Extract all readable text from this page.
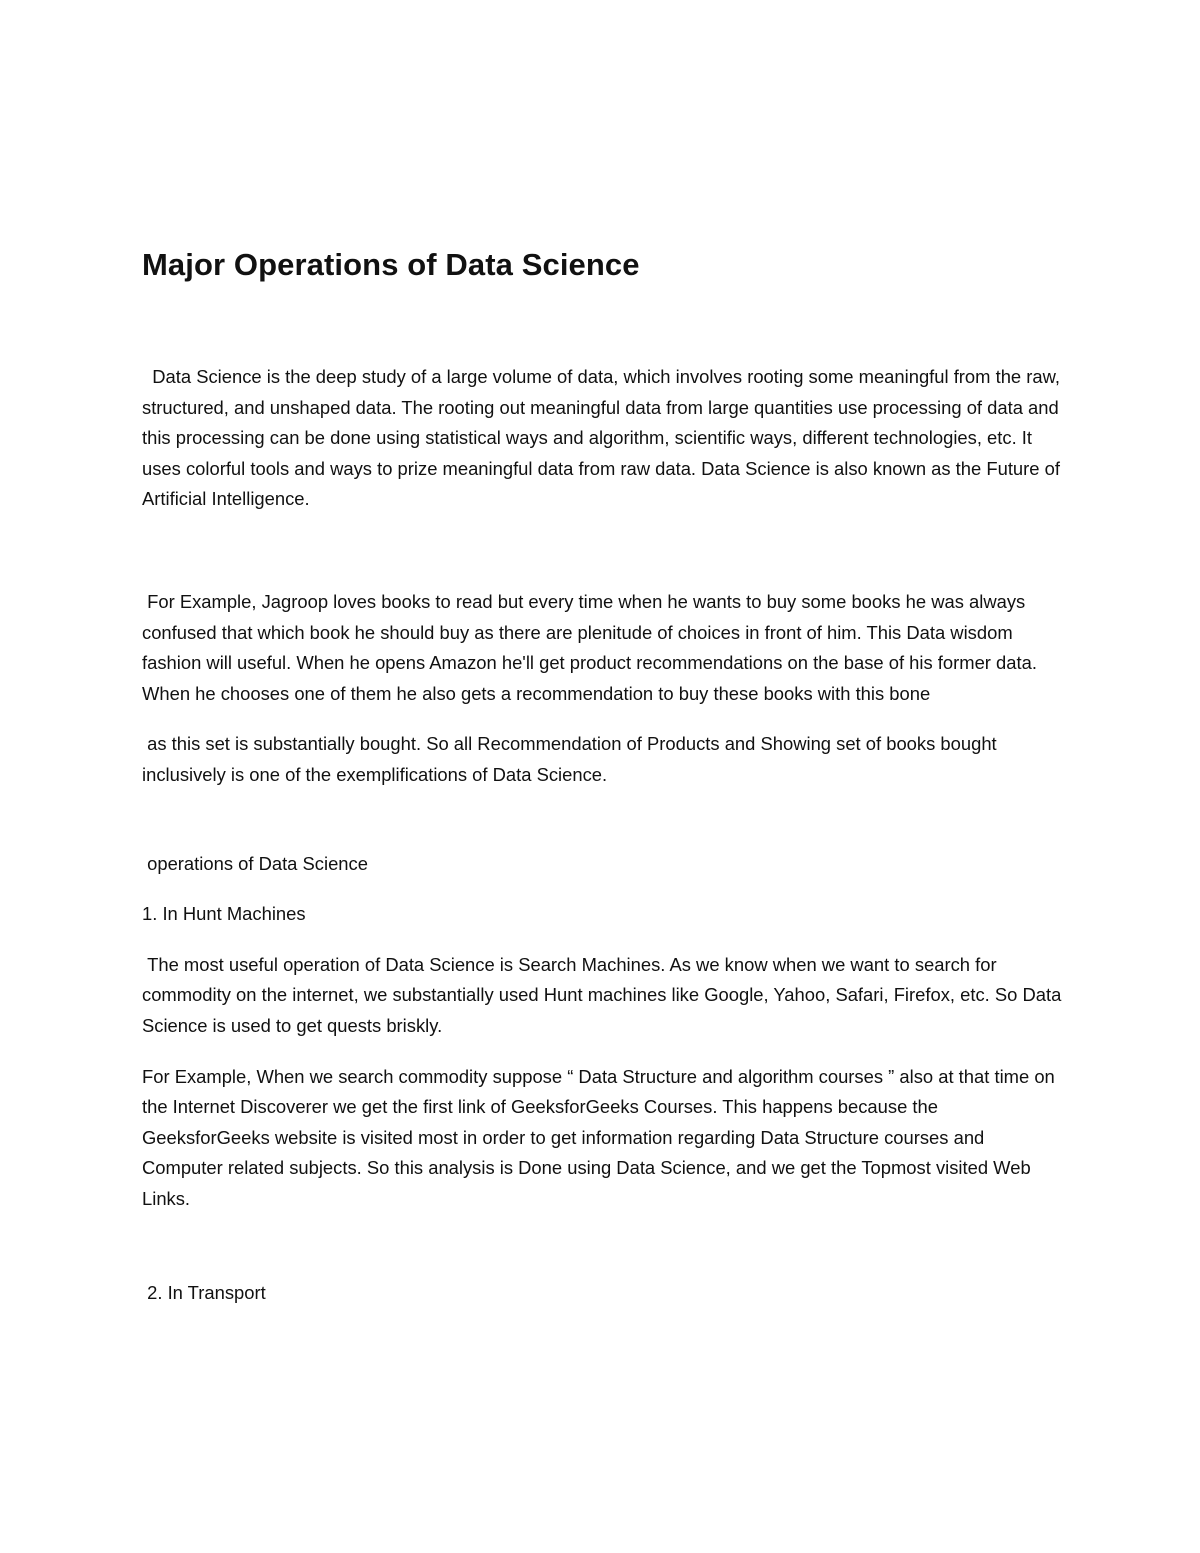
Major Operations of Data Science

Data Science is the deep study of a large volume of data, which involves rooting some meaningful from the raw, structured, and unshaped data. The rooting out meaningful data from large quantities use processing of data and this processing can be done using statistical ways and algorithm, scientific ways, different technologies, etc. It uses colorful tools and ways to prize meaningful data from raw data. Data Science is also known as the Future of Artificial Intelligence.

For Example, Jagroop loves books to read but every time when he wants to buy some books he was always confused that which book he should buy as there are plenitude of choices in front of him. This Data wisdom fashion will useful. When he opens Amazon he'll get product recommendations on the base of his former data. When he chooses one of them he also gets a recommendation to buy these books with this bone

as this set is substantially bought. So all Recommendation of Products and Showing set of books bought inclusively is one of the exemplifications of Data Science.

operations of Data Science

1. In Hunt Machines

The most useful operation of Data Science is Search Machines. As we know when we want to search for commodity on the internet, we substantially used Hunt machines like Google, Yahoo, Safari, Firefox, etc. So Data Science is used to get quests briskly.

For Example, When we search commodity suppose “ Data Structure and algorithm courses ” also at that time on the Internet Discoverer we get the first link of GeeksforGeeks Courses. This happens because the GeeksforGeeks website is visited most in order to get information regarding Data Structure courses and Computer related subjects. So this analysis is Done using Data Science, and we get the Topmost visited Web Links.

2. In Transport
